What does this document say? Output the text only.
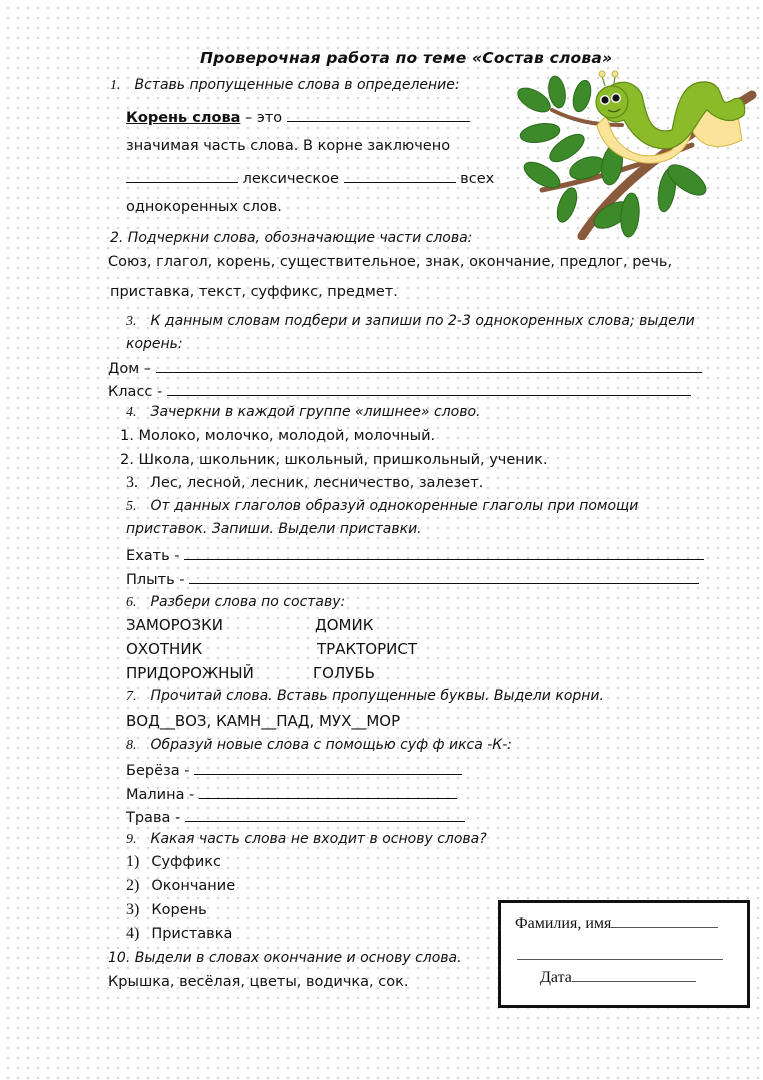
Проверочная работа по теме «Состав слова»
1. Вставь пропущенные слова в определение:
Корень слова – это
значимая часть слова. В корне заключено
лексическое	всех
однокоренных слов.
2. Подчеркни слова, обозначающие части слова:
Союз, глагол, корень, существительное, знак, окончание, предлог, речь,
приставка, текст, суффикс, предмет.
3. К данным словам подбери и запиши по 2-3 однокоренных слова; выдели
корень:
Дом –
Класс -
4. Зачеркни в каждой группе «лишнее» слово.
1. Молоко, молочко, молодой, молочный.
2. Школа, школьник, школьный, пришкольный, ученик.
3. Лес, лесной, лесник, лесничество, залезет.
5. От данных глаголов образуй однокоренные глаголы при помощи
приставок. Запиши. Выдели приставки.
Ехать -
Плыть -
6. Разбери слова по составу:
ЗАМОРОЗКИ	ДОМИК
ОХОТНИК	ТРАКТОРИСТ
ПРИДОРОЖНЫЙ	ГОЛУБЬ
7. Прочитай слова. Вставь пропущенные буквы. Выдели корни.
ВОД__ВОЗ, КАМН__ПАД, МУХ__МОР
8. Образуй новые слова с помощью суф ф икса -К-:
Берёза -
Малина -
Трава -
9. Какая часть слова не входит в основу слова?
1) Суффикс
2) Окончание
3) Корень
4) Приставка
10. Выдели в словах окончание и основу слова.
Крышка, весёлая, цветы, водичка, сок.
Фамилия, имя
Дата
